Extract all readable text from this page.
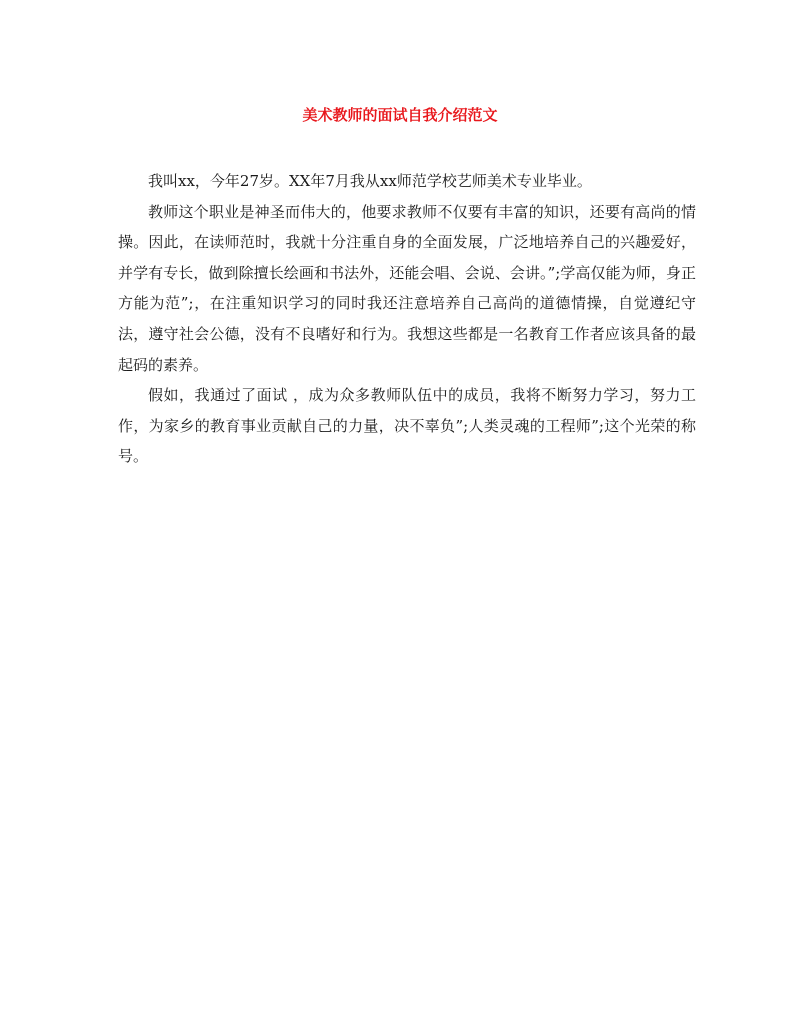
美术教师的面试自我介绍范文

我叫xx，今年27岁。XX年7月我从xx师范学校艺师美术专业毕业。

教师这个职业是神圣而伟大的，他要求教师不仅要有丰富的知识，还要有高尚的情操。因此，在读师范时，我就十分注重自身的全面发展，广泛地培养自己的兴趣爱好，并学有专长，做到除擅长绘画和书法外，还能会唱、会说、会讲。”;学高仅能为师，身正方能为范”;，在注重知识学习的同时我还注意培养自己高尚的道德情操，自觉遵纪守法，遵守社会公德，没有不良嗜好和行为。我想这些都是一名教育工作者应该具备的最起码的素养。

假如，我通过了面试 ，成为众多教师队伍中的成员，我将不断努力学习，努力工作，为家乡的教育事业贡献自己的力量，决不辜负”;人类灵魂的工程师”;这个光荣的称号。
